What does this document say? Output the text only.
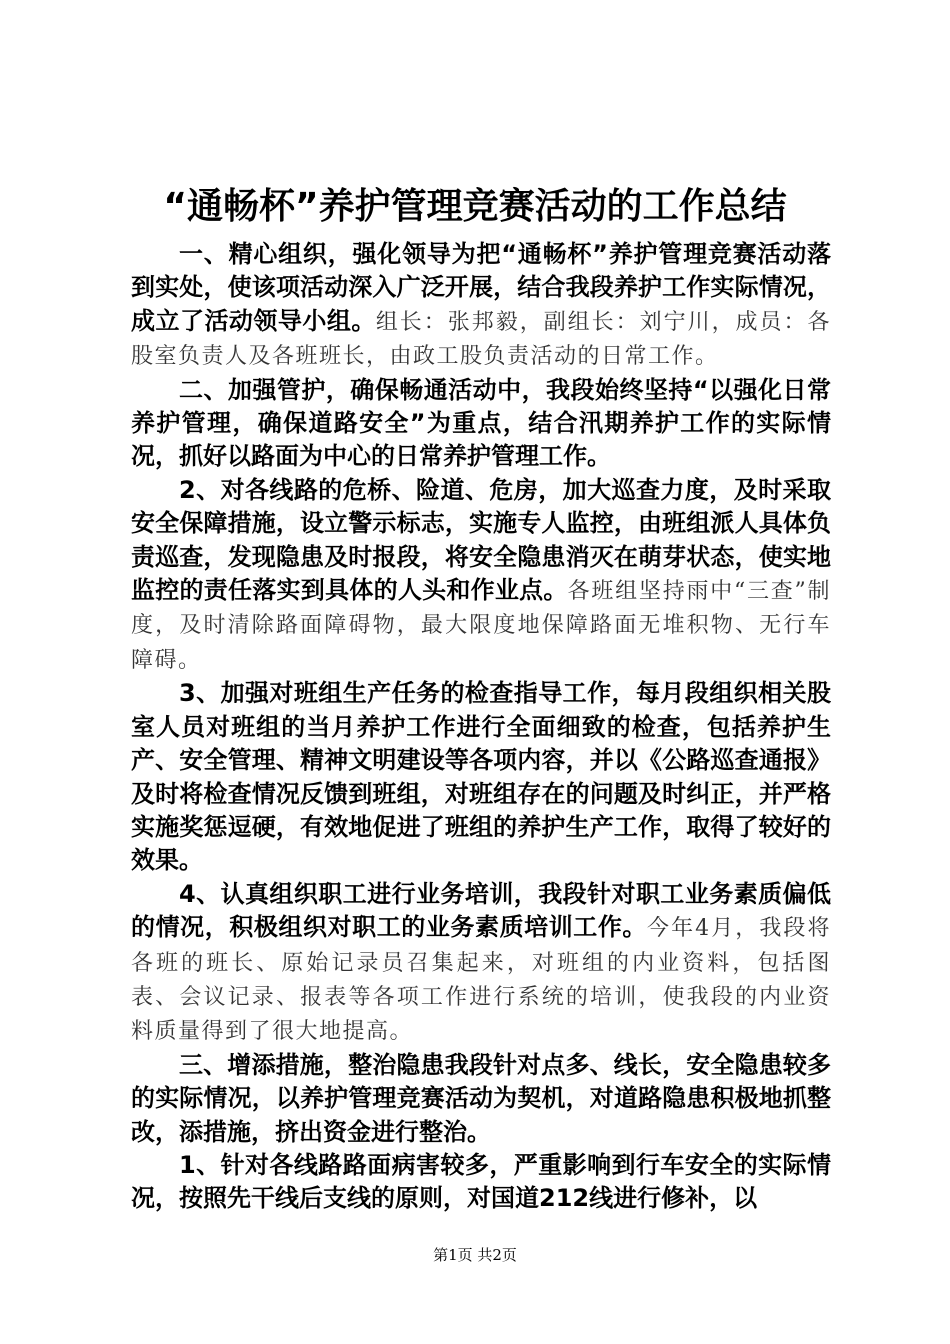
“通畅杯”养护管理竞赛活动的工作总结

一、精心组织，强化领导为把“通畅杯”养护管理竞赛活动落到实处，使该项活动深入广泛开展，结合我段养护工作实际情况，成立了活动领导小组。组长：张邦毅，副组长：刘宁川，成员：各股室负责人及各班班长，由政工股负责活动的日常工作。

二、加强管护，确保畅通活动中，我段始终坚持“以强化日常养护管理，确保道路安全”为重点，结合汛期养护工作的实际情况，抓好以路面为中心的日常养护管理工作。

2、对各线路的危桥、险道、危房，加大巡查力度，及时采取安全保障措施，设立警示标志，实施专人监控，由班组派人具体负责巡查，发现隐患及时报段，将安全隐患消灭在萌芽状态，使实地监控的责任落实到具体的人头和作业点。各班组坚持雨中“三查”制度，及时清除路面障碍物，最大限度地保障路面无堆积物、无行车障碍。

3、加强对班组生产任务的检查指导工作，每月段组织相关股室人员对班组的当月养护工作进行全面细致的检查，包括养护生产、安全管理、精神文明建设等各项内容，并以《公路巡查通报》及时将检查情况反馈到班组，对班组存在的问题及时纠正，并严格实施奖惩逗硬，有效地促进了班组的养护生产工作，取得了较好的效果。

4、认真组织职工进行业务培训，我段针对职工业务素质偏低的情况，积极组织对职工的业务素质培训工作。今年4月，我段将各班的班长、原始记录员召集起来，对班组的内业资料，包括图表、会议记录、报表等各项工作进行系统的培训，使我段的内业资料质量得到了很大地提高。

三、增添措施，整治隐患我段针对点多、线长，安全隐患较多的实际情况，以养护管理竞赛活动为契机，对道路隐患积极地抓整改，添措施，挤出资金进行整治。

1、针对各线路路面病害较多，严重影响到行车安全的实际情况，按照先干线后支线的原则，对国道212线进行修补，以

第1页 共2页
